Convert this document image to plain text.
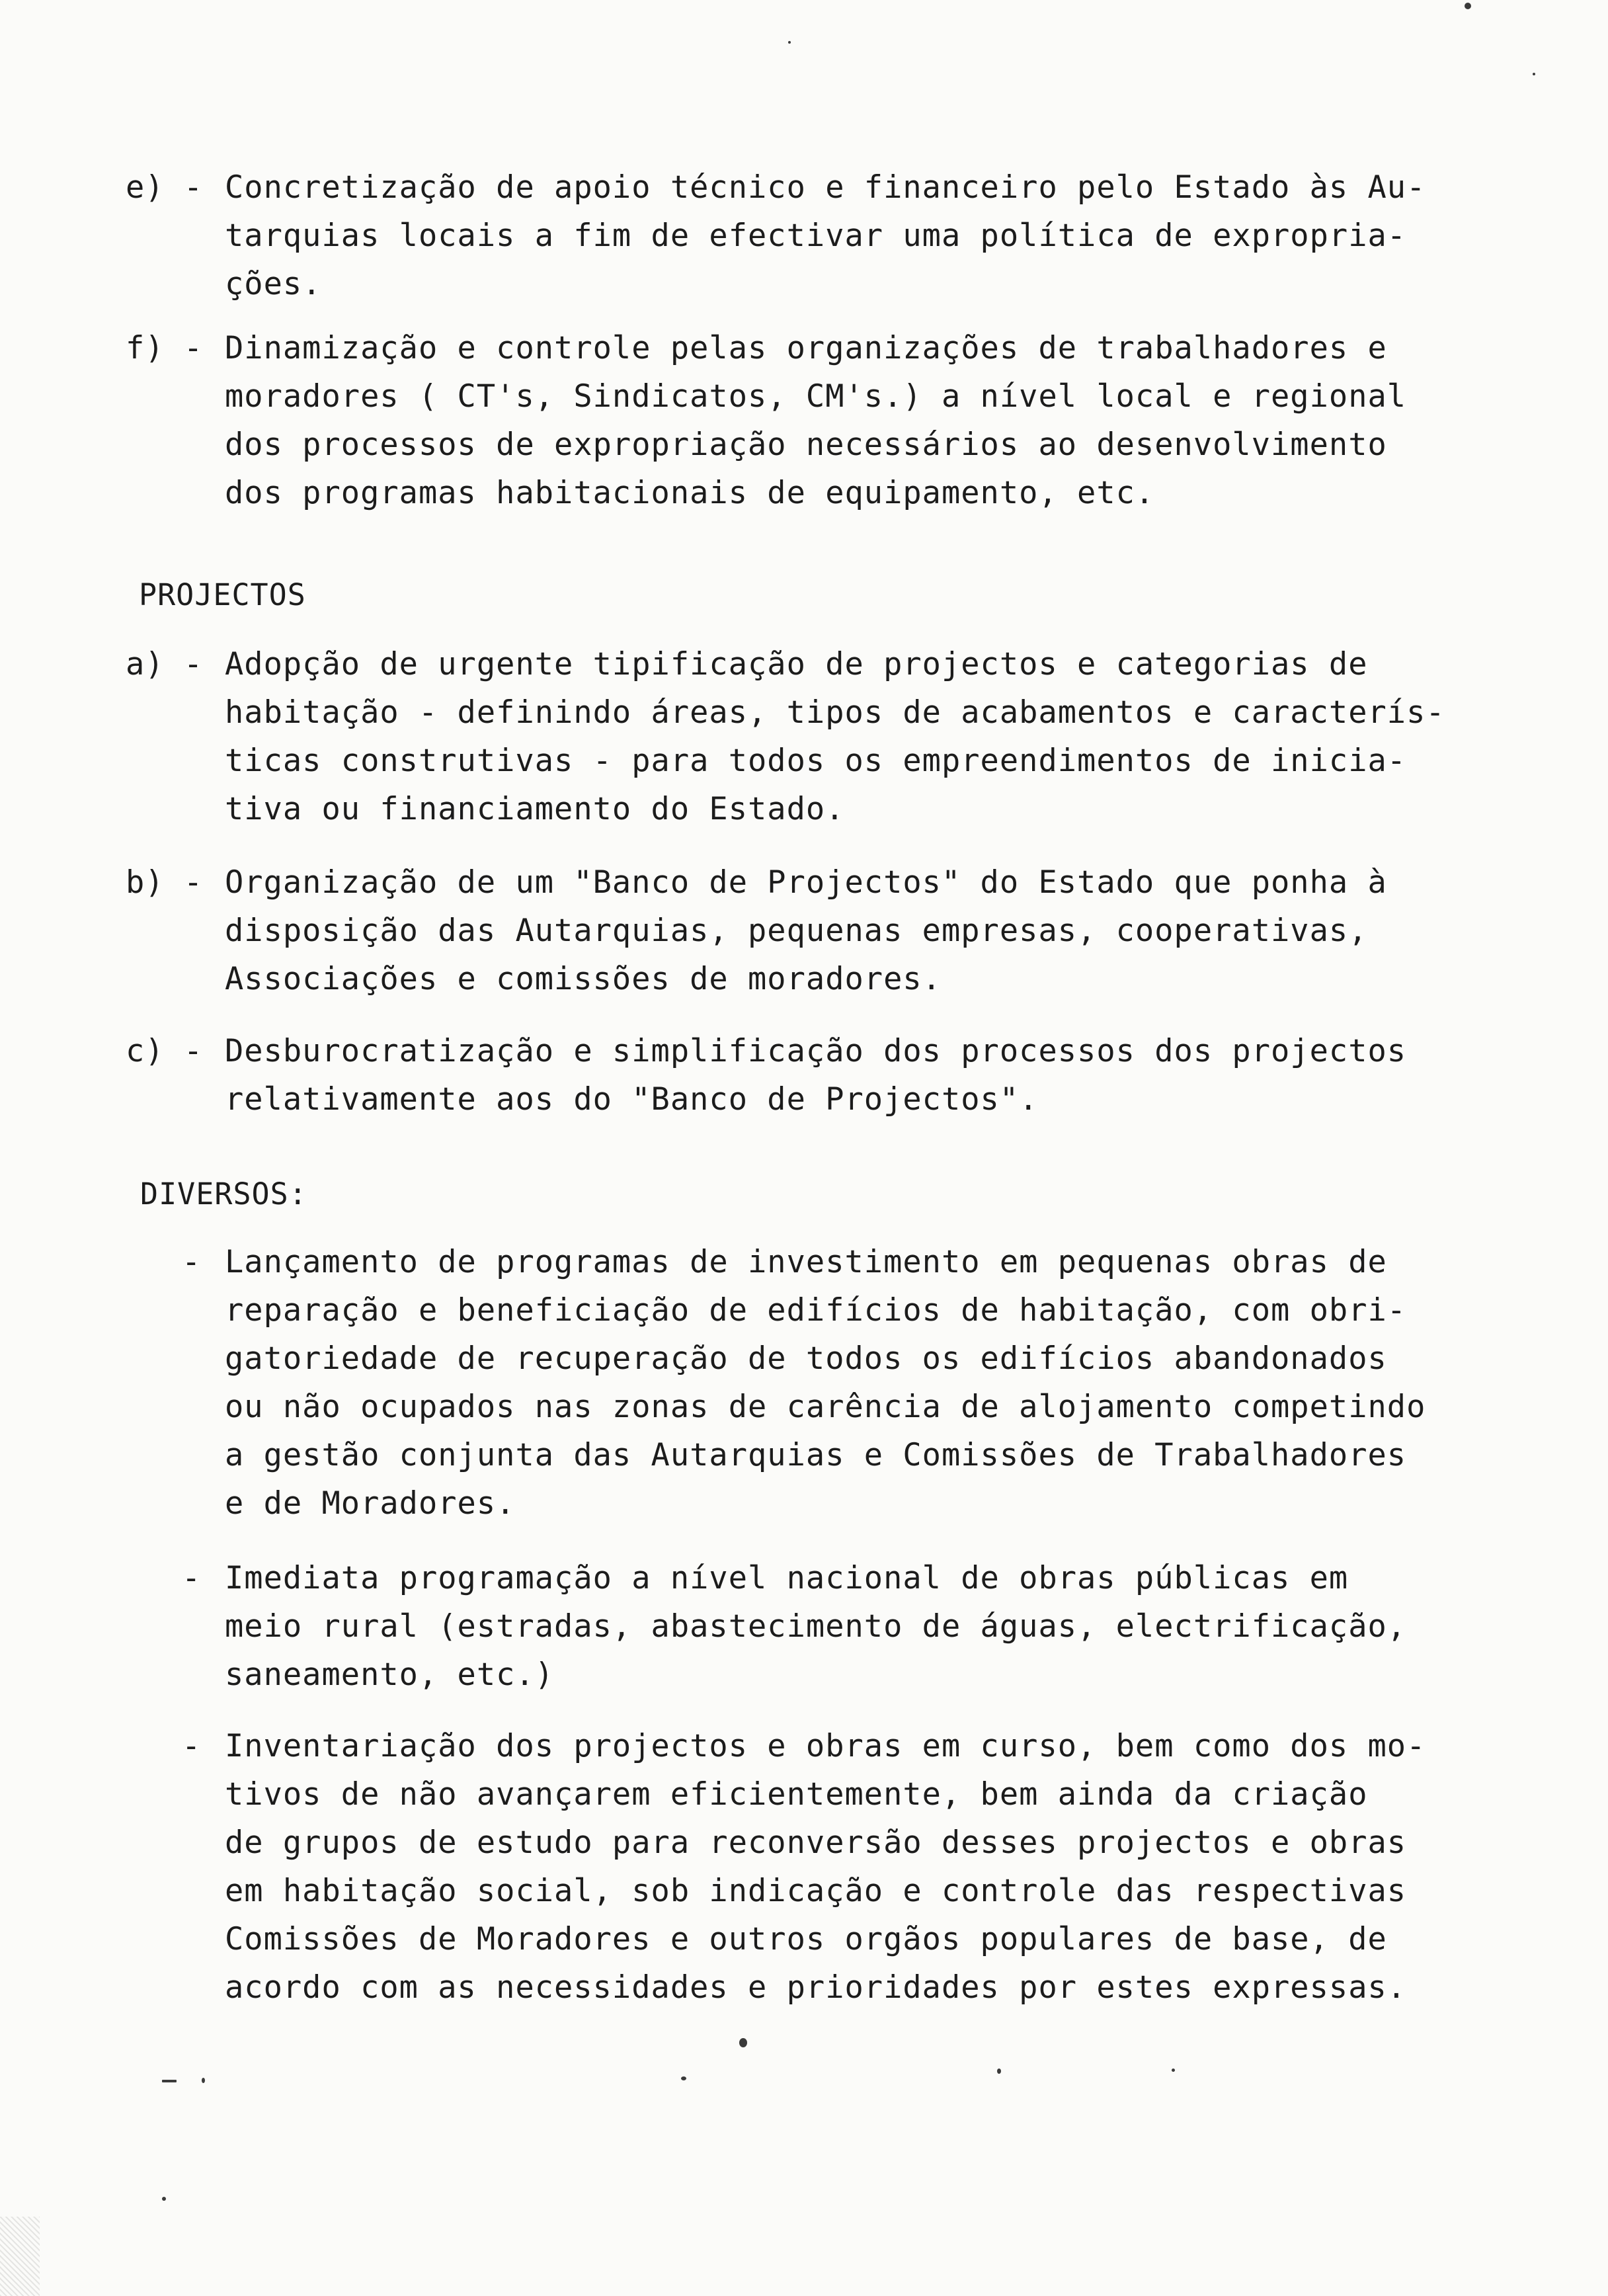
e) - Concretização de apoio técnico e financeiro pelo Estado às Au-
tarquias locais a fim de efectivar uma política de expropria-
ções.
f) - Dinamização e controle pelas organizações de trabalhadores e
moradores ( CT's, Sindicatos, CM's.) a nível local e regional
dos processos de expropriação necessários ao desenvolvimento
dos programas habitacionais de equipamento, etc.
PROJECTOS
a) - Adopção de urgente tipificação de projectos e categorias de
habitação - definindo áreas, tipos de acabamentos e caracterís-
ticas construtivas - para todos os empreendimentos de inicia-
tiva ou financiamento do Estado.
b) - Organização de um "Banco de Projectos" do Estado que ponha à
disposição das Autarquias, pequenas empresas, cooperativas,
Associações e comissões de moradores.
c) - Desburocratização e simplificação dos processos dos projectos
relativamente aos do "Banco de Projectos".
DIVERSOS:
- Lançamento de programas de investimento em pequenas obras de
reparação e beneficiação de edifícios de habitação, com obri-
gatoriedade de recuperação de todos os edifícios abandonados
ou não ocupados nas zonas de carência de alojamento competindo
a gestão conjunta das Autarquias e Comissões de Trabalhadores
e de Moradores.
- Imediata programação a nível nacional de obras públicas em
meio rural (estradas, abastecimento de águas, electrificação,
saneamento, etc.)
- Inventariação dos projectos e obras em curso, bem como dos mo-
tivos de não avançarem eficientemente, bem ainda da criação
de grupos de estudo para reconversão desses projectos e obras
em habitação social, sob indicação e controle das respectivas
Comissões de Moradores e outros orgãos populares de base, de
acordo com as necessidades e prioridades por estes expressas.
